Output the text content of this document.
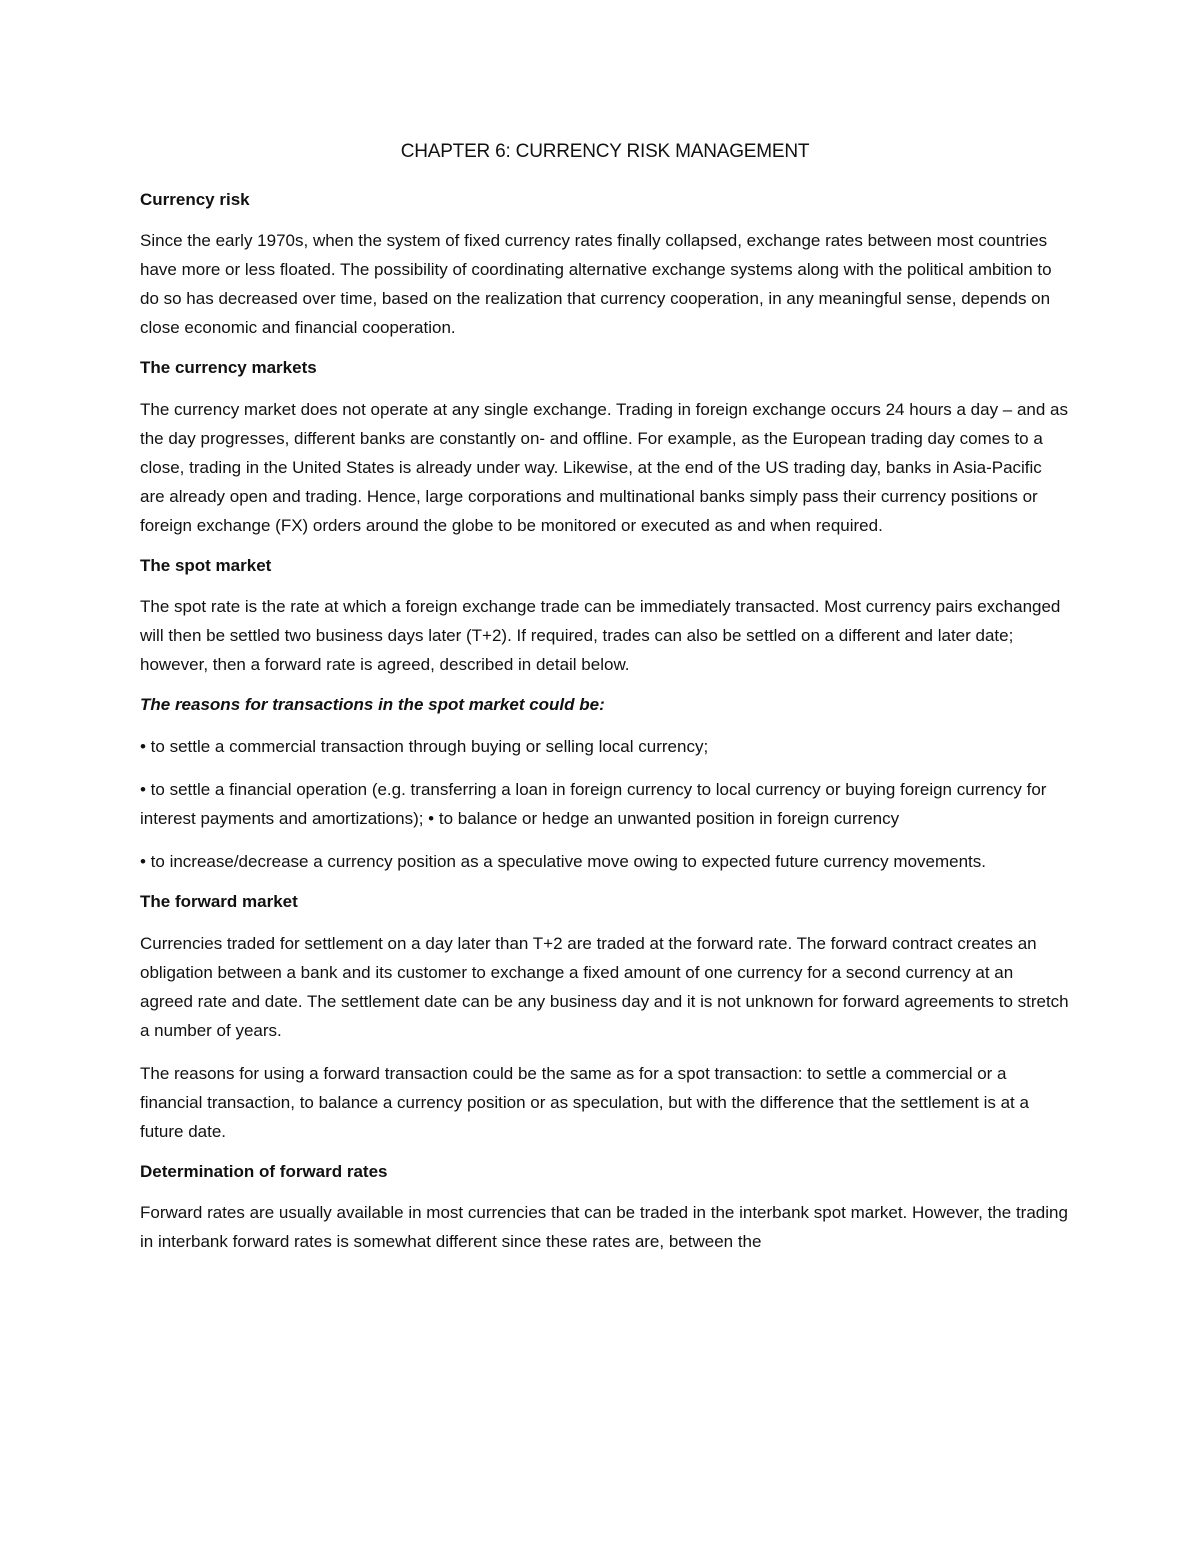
CHAPTER 6: CURRENCY RISK MANAGEMENT
Currency risk
Since the early 1970s, when the system of fixed currency rates finally collapsed, exchange rates between most countries have more or less floated. The possibility of coordinating alternative exchange systems along with the political ambition to do so has decreased over time, based on the realization that currency cooperation, in any meaningful sense, depends on close economic and financial cooperation.
The currency markets
The currency market does not operate at any single exchange. Trading in foreign exchange occurs 24 hours a day – and as the day progresses, different banks are constantly on- and offline. For example, as the European trading day comes to a close, trading in the United States is already under way. Likewise, at the end of the US trading day, banks in Asia-Pacific are already open and trading. Hence, large corporations and multinational banks simply pass their currency positions or foreign exchange (FX) orders around the globe to be monitored or executed as and when required.
The spot market
The spot rate is the rate at which a foreign exchange trade can be immediately transacted. Most currency pairs exchanged will then be settled two business days later (T+2). If required, trades can also be settled on a different and later date; however, then a forward rate is agreed, described in detail below.
The reasons for transactions in the spot market could be:
• to settle a commercial transaction through buying or selling local currency;
• to settle a financial operation (e.g. transferring a loan in foreign currency to local currency or buying foreign currency for interest payments and amortizations); • to balance or hedge an unwanted position in foreign currency
• to increase/decrease a currency position as a speculative move owing to expected future currency movements.
The forward market
Currencies traded for settlement on a day later than T+2 are traded at the forward rate. The forward contract creates an obligation between a bank and its customer to exchange a fixed amount of one currency for a second currency at an agreed rate and date. The settlement date can be any business day and it is not unknown for forward agreements to stretch a number of years.
The reasons for using a forward transaction could be the same as for a spot transaction: to settle a commercial or a financial transaction, to balance a currency position or as speculation, but with the difference that the settlement is at a future date.
Determination of forward rates
Forward rates are usually available in most currencies that can be traded in the interbank spot market. However, the trading in interbank forward rates is somewhat different since these rates are, between the
